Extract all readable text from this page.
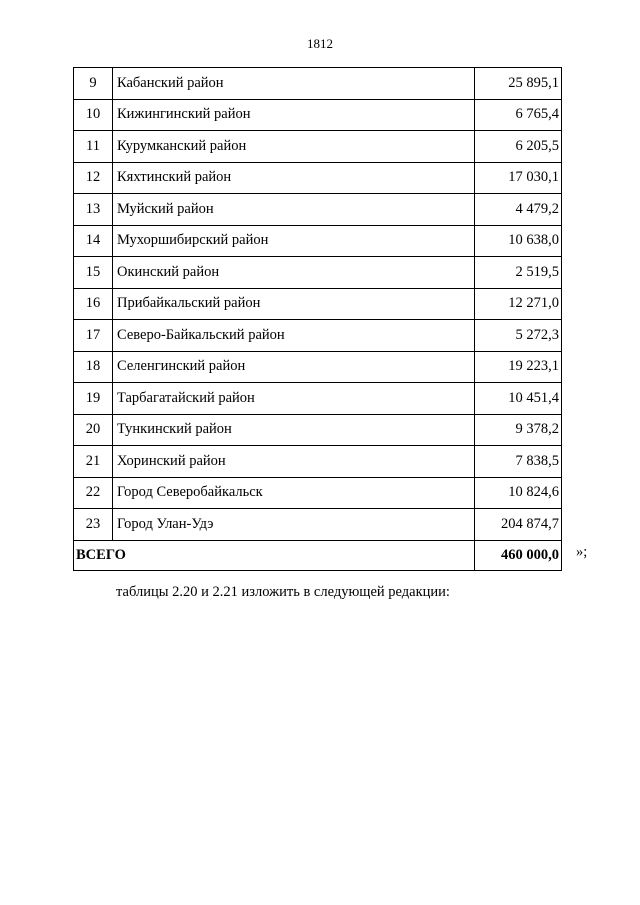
1812
9	Кабанский район	25 895,1
10	Кижингинский район	6 765,4
11	Курумканский район	6 205,5
12	Кяхтинский район	17 030,1
13	Муйский район	4 479,2
14	Мухоршибирский район	10 638,0
15	Окинский район	2 519,5
16	Прибайкальский район	12 271,0
17	Северо-Байкальский район	5 272,3
18	Селенгинский район	19 223,1
19	Тарбагатайский район	10 451,4
20	Тункинский район	9 378,2
21	Хоринский район	7 838,5
22	Город Северобайкальск	10 824,6
23	Город Улан-Удэ	204 874,7
ВСЕГО		460 000,0 »;
таблицы 2.20 и 2.21 изложить в следующей редакции:
